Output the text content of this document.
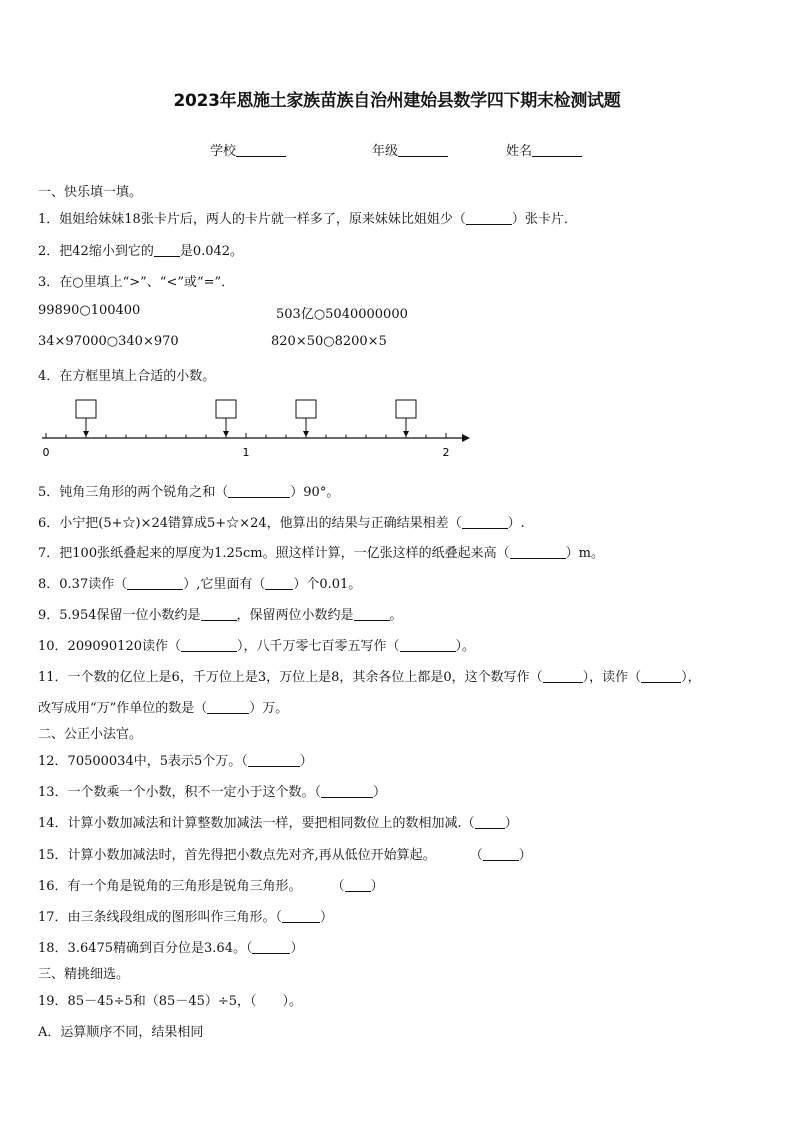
2023年恩施土家族苗族自治州建始县数学四下期末检测试题
学校	年级	姓名
一、快乐填一填。
1．姐姐给妹妹18张卡片后，两人的卡片就一样多了，原来妹妹比姐姐少（	）张卡片．
2．把42缩小到它的 是0.042。
3．在○里填上“>”、“<”或“=”．
99890○100400	503亿○5040000000
34×97000○340×970	820×50○8200×5
4．在方框里填上合适的小数。
0	1	2
5．钝角三角形的两个锐角之和（	）90°。
6．小宁把(5+☆)×24错算成5+☆×24，他算出的结果与正确结果相差（	）.
7．把100张纸叠起来的厚度为1.25cm。照这样计算，一亿张这样的纸叠起来高（	）m。
8．0.37读作（	）,它里面有（ ）个0.01。
9．5.954保留一位小数约是	，保留两位小数约是	。
10．209090120读作（	），八千万零七百零五写作（	）。
11．一个数的亿位上是6，千万位上是3，万位上是8，其余各位上都是0，这个数写作（	），读作（	），
改写成用“万”作单位的数是（	）万。
二、公正小法官。
12．70500034中，5表示5个万。（	）
13．一个数乘一个小数，积不一定小于这个数。（	）
14．计算小数加减法和计算整数加减法一样，要把相同数位上的数相加减.（ ）
15．计算小数加减法时，首先得把小数点先对齐,再从低位开始算起。	（	）
16．有一个角是锐角的三角形是锐角三角形。 （ ）
17．由三条线段组成的图形叫作三角形。（	）
18．3.6475精确到百分位是3.64。（	）
三、精挑细选。
19．85－45÷5和（85－45）÷5，（　　）。
A．运算顺序不同，结果相同
